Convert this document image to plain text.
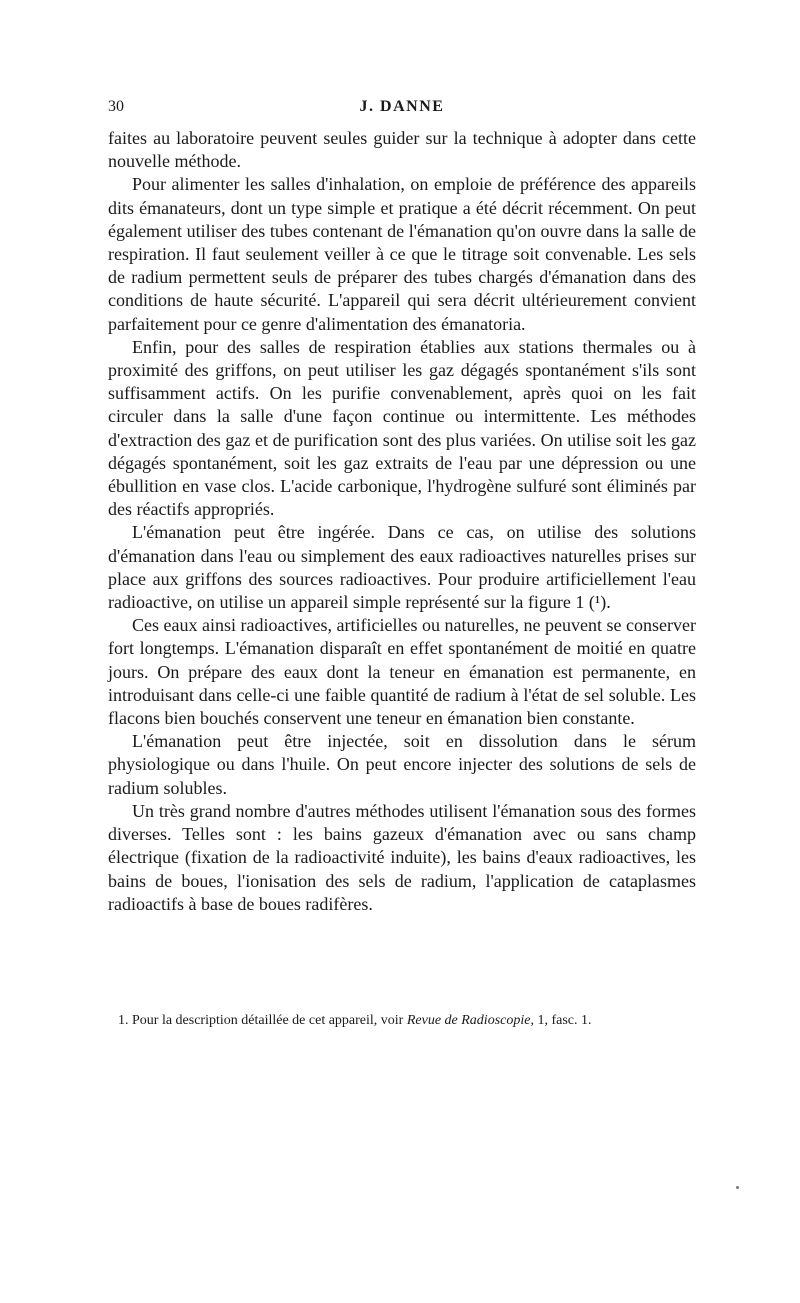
30	J. DANNE

faites au laboratoire peuvent seules guider sur la technique à adopter dans cette nouvelle méthode.

Pour alimenter les salles d'inhalation, on emploie de préférence des appareils dits émanateurs, dont un type simple et pratique a été décrit récemment. On peut également utiliser des tubes contenant de l'émanation qu'on ouvre dans la salle de respiration. Il faut seulement veiller à ce que le titrage soit convenable. Les sels de radium permettent seuls de préparer des tubes chargés d'émanation dans des conditions de haute sécurité. L'appareil qui sera décrit ultérieurement convient parfaitement pour ce genre d'alimentation des émanatoria.

Enfin, pour des salles de respiration établies aux stations thermales ou à proximité des griffons, on peut utiliser les gaz dégagés spontanément s'ils sont suffisamment actifs. On les purifie convenablement, après quoi on les fait circuler dans la salle d'une façon continue ou intermittente. Les méthodes d'extraction des gaz et de purification sont des plus variées. On utilise soit les gaz dégagés spontanément, soit les gaz extraits de l'eau par une dépression ou une ébullition en vase clos. L'acide carbonique, l'hydrogène sulfuré sont éliminés par des réactifs appropriés.

L'émanation peut être ingérée. Dans ce cas, on utilise des solutions d'émanation dans l'eau ou simplement des eaux radioactives naturelles prises sur place aux griffons des sources radioactives. Pour produire artificiellement l'eau radioactive, on utilise un appareil simple représenté sur la figure 1 (¹).

Ces eaux ainsi radioactives, artificielles ou naturelles, ne peuvent se conserver fort longtemps. L'émanation disparaît en effet spontanément de moitié en quatre jours. On prépare des eaux dont la teneur en émanation est permanente, en introduisant dans celle-ci une faible quantité de radium à l'état de sel soluble. Les flacons bien bouchés conservent une teneur en émanation bien constante.

L'émanation peut être injectée, soit en dissolution dans le sérum physiologique ou dans l'huile. On peut encore injecter des solutions de sels de radium solubles.

Un très grand nombre d'autres méthodes utilisent l'émanation sous des formes diverses. Telles sont : les bains gazeux d'émanation avec ou sans champ électrique (fixation de la radioactivité induite), les bains d'eaux radioactives, les bains de boues, l'ionisation des sels de radium, l'application de cataplasmes radioactifs à base de boues radifères.

1. Pour la description détaillée de cet appareil, voir Revue de Radioscopie, 1, fasc. 1.
